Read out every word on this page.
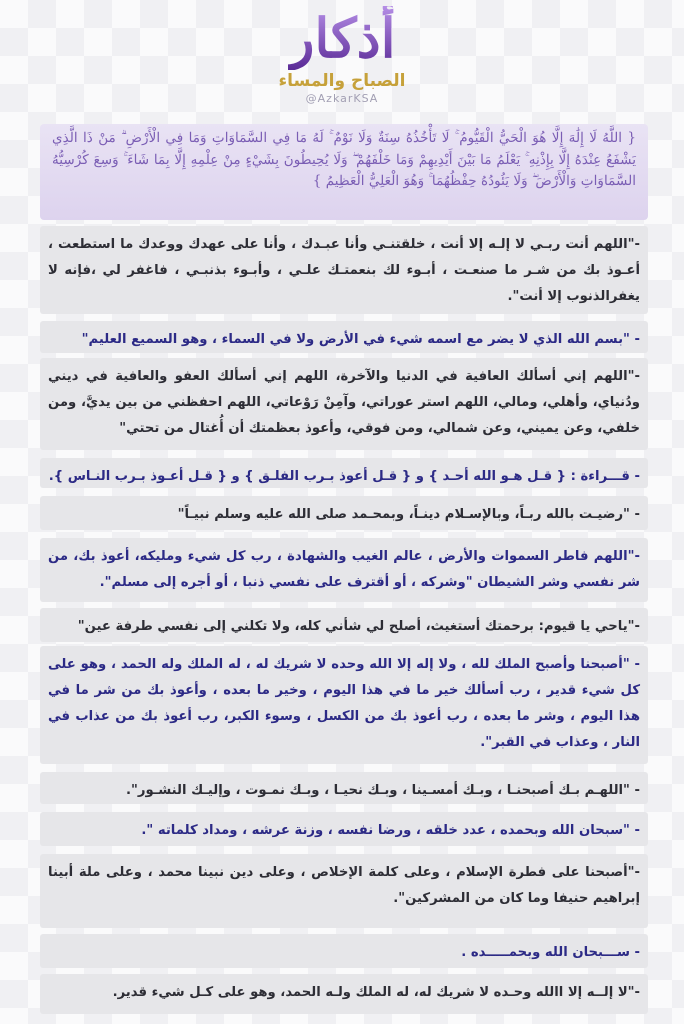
أذكار
الصباح والمساء
@AzkarKSA
{ اللَّهُ لَا إِلَٰهَ إِلَّا هُوَ الْحَيُّ الْقَيُّومُ ۚ لَا تَأْخُذُهُ سِنَةٌ وَلَا نَوْمٌ ۚ لَهُ مَا فِي السَّمَاوَاتِ وَمَا فِي الْأَرْضِ ۗ مَنْ ذَا الَّذِي يَشْفَعُ عِنْدَهُ إِلَّا بِإِذْنِهِ ۚ يَعْلَمُ مَا بَيْنَ أَيْدِيهِمْ وَمَا خَلْفَهُمْ ۖ وَلَا يُحِيطُونَ بِشَيْءٍ مِنْ عِلْمِهِ إِلَّا بِمَا شَاءَ ۚ وَسِعَ كُرْسِيُّهُ السَّمَاوَاتِ وَالْأَرْضَ ۖ وَلَا يَئُودُهُ حِفْظُهُمَا ۚ وَهُوَ الْعَلِيُّ الْعَظِيمُ }
-"اللهم أنت ربـي لا إلـه إلا أنت ، خلقتنـي وأنا عبـدك ، وأنا على عهدك ووعدك ما استطعت ، أعـوذ بك من شـر ما صنعـت ، أبـوء لك بنعمتـك علـي ، وأبـوء بذنبـي ، فاغفر لي ،فإنه لا يغفرالذنوب إلا أنت".
- "بسم الله الذي لا يضر مع اسمه شيء في الأرض ولا في السماء ، وهو السميع العليم"
-"اللهم إني أسألك العافية في الدنيا والآخرة، اللهم إني أسألك العفو والعافية في ديني ودُنياي، وأهلي، ومالي، اللهم استر عوراتي، وآمِنْ رَوْعاتي، اللهم احفظني من بين يديَّ، ومن خلفي، وعن يميني، وعن شمالي، ومن فوقي، وأعوذ بعظمتك أن أُغتال من تحتي"
- قـــراءة : { قـل هـو الله أحـد } و { قـل أعوذ بـرب الفلـق } و { قـل أعـوذ بـرب النـاس }.
- "رضيـت بالله ربـاً، وبالإسـلام دينـاً، وبمحـمد صلى الله عليه وسلم نبيـاً"
-"اللهم فاطر السموات والأرض ، عالم الغيب والشهادة ، رب كل شيء ومليكه، أعوذ بك، من شر نفسي وشر الشيطان "وشركه ، أو أقترف على نفسي ذنبا ، أو أجره إلى مسلم".
-"ياحي يا قيوم: برحمتك أستغيث، أصلح لي شأني كله، ولا تكلني إلى نفسي طرفة عين"
- "أصبحنا وأصبح الملك لله ، ولا إله إلا الله وحده لا شريك له ، له الملك وله الحمد ، وهو على كل شيء قدير ، رب أسألك خير ما في هذا اليوم ، وخير ما بعده ، وأعوذ بك من شر ما في هذا اليوم ، وشر ما بعده ، رب أعوذ بك من الكسل ، وسوء الكبر، رب أعوذ بك من عذاب في النار ، وعذاب في القبر".
- "اللهـم بـك أصبحنـا ، وبـك أمسـينا ، وبـك نحيـا ، وبـك نمـوت ، وإليـك النشـور".
- "سبحان الله وبحمده ، عدد خلقه ، ورضا نفسه ، وزنة عرشه ، ومداد كلماته ".
-"أصبحنا على فطرة الإسلام ، وعلى كلمة الإخلاص ، وعلى دين نبينا محمد ، وعلى ملة أبينا إبراهيم حنيفا وما كان من المشركين".
- ســـبحان الله وبحمـــــده .
-"لا إلــه إلا االله وحـده لا شريك له، له الملك ولـه الحمد، وهو على كـل شيء قدير.
